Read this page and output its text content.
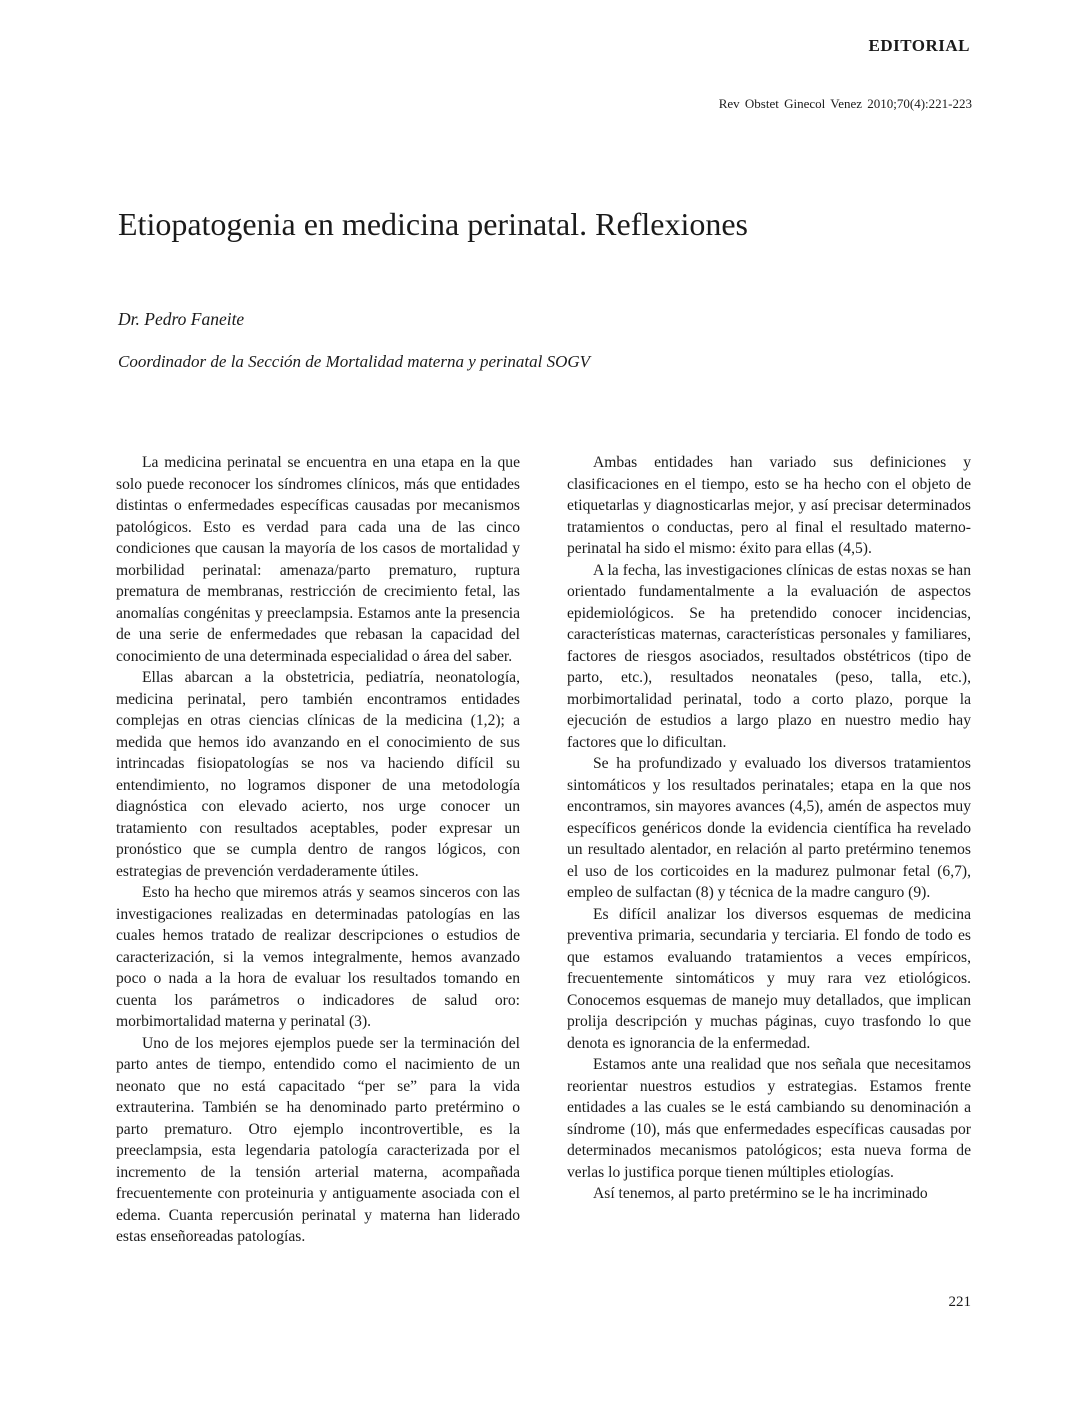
EDITORIAL
Rev Obstet Ginecol Venez 2010;70(4):221-223
Etiopatogenia en medicina perinatal. Reflexiones
Dr. Pedro Faneite
Coordinador de la Sección de Mortalidad materna y perinatal SOGV

La medicina perinatal se encuentra en una etapa en la que solo puede reconocer los síndromes clínicos, más que entidades distintas o enfermedades específicas causadas por mecanismos patológicos. Esto es verdad para cada una de las cinco condiciones que causan la mayoría de los casos de mortalidad y morbilidad perinatal: amenaza/parto prematuro, ruptura prematura de membranas, restricción de crecimiento fetal, las anomalías congénitas y preeclampsia. Estamos ante la presencia de una serie de enfermedades que rebasan la capacidad del conocimiento de una determinada especialidad o área del saber.

Ellas abarcan a la obstetricia, pediatría, neonatología, medicina perinatal, pero también encontramos entidades complejas en otras ciencias clínicas de la medicina (1,2); a medida que hemos ido avanzando en el conocimiento de sus intrincadas fisiopatologías se nos va haciendo difícil su entendimiento, no logramos disponer de una metodología diagnóstica con elevado acierto, nos urge conocer un tratamiento con resultados aceptables, poder expresar un pronóstico que se cumpla dentro de rangos lógicos, con estrategias de prevención verdaderamente útiles.

Esto ha hecho que miremos atrás y seamos sinceros con las investigaciones realizadas en determinadas patologías en las cuales hemos tratado de realizar descripciones o estudios de caracterización, si la vemos integralmente, hemos avanzado poco o nada a la hora de evaluar los resultados tomando en cuenta los parámetros o indicadores de salud oro: morbimortalidad materna y perinatal (3).

Uno de los mejores ejemplos puede ser la terminación del parto antes de tiempo, entendido como el nacimiento de un neonato que no está capacitado “per se” para la vida extrauterina. También se ha denominado parto pretérmino o parto prematuro. Otro ejemplo incontrovertible, es la preeclampsia, esta legendaria patología caracterizada por el incremento de la tensión arterial materna, acompañada frecuentemente con proteinuria y antiguamente asociada con el edema. Cuanta repercusión perinatal y materna han liderado estas enseñoreadas patologías.

Ambas entidades han variado sus definiciones y clasificaciones en el tiempo, esto se ha hecho con el objeto de etiquetarlas y diagnosticarlas mejor, y así precisar determinados tratamientos o conductas, pero al final el resultado materno-perinatal ha sido el mismo: éxito para ellas (4,5).

A la fecha, las investigaciones clínicas de estas noxas se han orientado fundamentalmente a la evaluación de aspectos epidemiológicos. Se ha pretendido conocer incidencias, características maternas, características personales y familiares, factores de riesgos asociados, resultados obstétricos (tipo de parto, etc.), resultados neonatales (peso, talla, etc.), morbimortalidad perinatal, todo a corto plazo, porque la ejecución de estudios a largo plazo en nuestro medio hay factores que lo dificultan.

Se ha profundizado y evaluado los diversos tratamientos sintomáticos y los resultados perinatales; etapa en la que nos encontramos, sin mayores avances (4,5), amén de aspectos muy específicos genéricos donde la evidencia científica ha revelado un resultado alentador, en relación al parto pretérmino tenemos el uso de los corticoides en la madurez pulmonar fetal (6,7), empleo de sulfactan (8) y técnica de la madre canguro (9).

Es difícil analizar los diversos esquemas de medicina preventiva primaria, secundaria y terciaria. El fondo de todo es que estamos evaluando tratamientos a veces empíricos, frecuentemente sintomáticos y muy rara vez etiológicos. Conocemos esquemas de manejo muy detallados, que implican prolija descripción y muchas páginas, cuyo trasfondo lo que denota es ignorancia de la enfermedad.

Estamos ante una realidad que nos señala que necesitamos reorientar nuestros estudios y estrategias. Estamos frente entidades a las cuales se le está cambiando su denominación a síndrome (10), más que enfermedades específicas causadas por determinados mecanismos patológicos; esta nueva forma de verlas lo justifica porque tienen múltiples etiologías.

Así tenemos, al parto pretérmino se le ha incriminado

221
